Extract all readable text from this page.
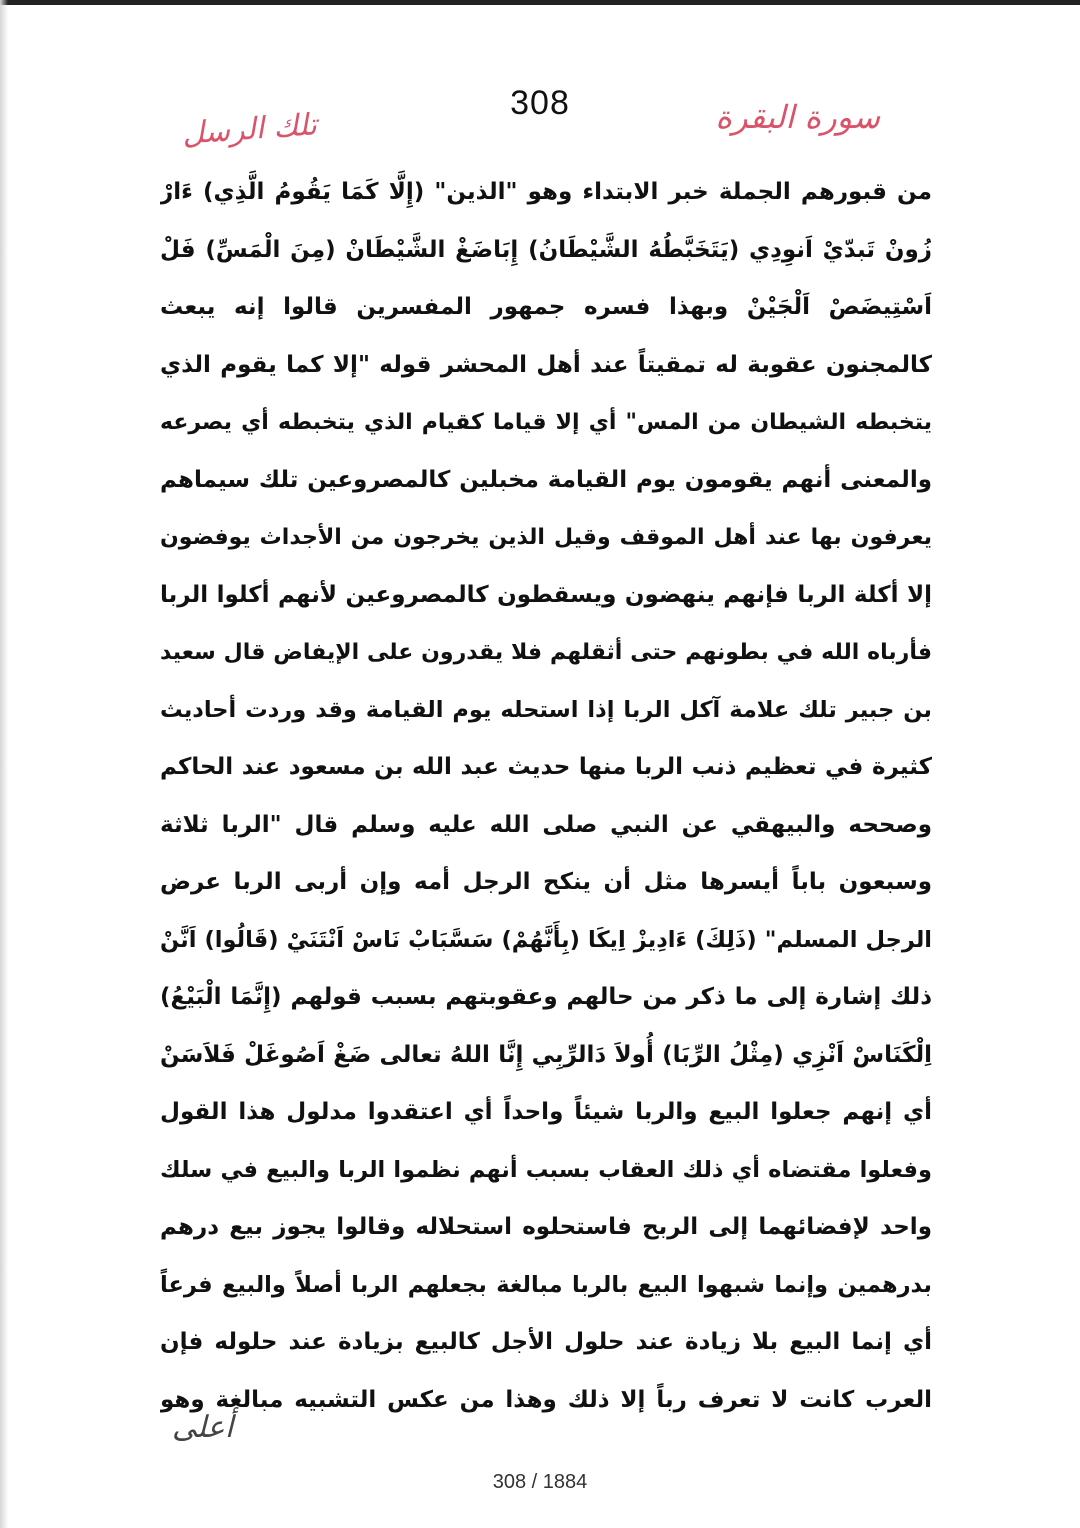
308	سورة البقرة
تلك الرسل
من قبورهم الجملة خبر الابتداء وهو "الذين" (إِلَّا كَمَا يَقُومُ الَّذِي) ءَارْ
زُونْ تَبدّيْ اَنوِدِي (يَتَخَبَّطُهُ الشَّيْطَانُ) إِبَاضَغْ الشَّيْطَانْ (مِنَ الْمَسِّ) فَلْ
اَسْتِيضَصْ اَلْجَيْنْ وبهذا فسره جمهور المفسرين قالوا إنه يبعث
كالمجنون عقوبة له تمقيتاً عند أهل المحشر قوله "إلا كما يقوم الذي
يتخبطه الشيطان من المس" أي إلا قياما كقيام الذي يتخبطه أي يصرعه
والمعنى أنهم يقومون يوم القيامة مخبلين كالمصروعين تلك سيماهم
يعرفون بها عند أهل الموقف وقيل الذين يخرجون من الأجداث يوفضون
إلا أكلة الربا فإنهم ينهضون ويسقطون كالمصروعين لأنهم أكلوا الربا
فأرباه الله في بطونهم حتى أثقلهم فلا يقدرون على الإيفاض قال سعيد
بن جبير تلك علامة آكل الربا إذا استحله يوم القيامة وقد وردت أحاديث
كثيرة في تعظيم ذنب الربا منها حديث عبد الله بن مسعود عند الحاكم
وصححه والبيهقي عن النبي صلى الله عليه وسلم قال "الربا ثلاثة
وسبعون باباً أيسرها مثل أن ينكح الرجل أمه وإن أربى الربا عرض
الرجل المسلم" (ذَلِكَ) ءَادِيزْ اِيكَا (بِأَنَّهُمْ) سَسَّبَابْ نَاسْ اَنْتَنَيْ (قَالُوا) اَنَّنْ
ذلك إشارة إلى ما ذكر من حالهم وعقوبتهم بسبب قولهم (إِنَّمَا الْبَيْعُ)
اِلْكَنَاسْ اَنْزِي (مِثْلُ الرِّبَا) أُولاَ دَالرِّبِي إِنَّا اللهُ تعالى ضَغْ اَصُوغَلْ فَلاَسَنْ
أي إنهم جعلوا البيع والربا شيئاً واحداً أي اعتقدوا مدلول هذا القول
وفعلوا مقتضاه أي ذلك العقاب بسبب أنهم نظموا الربا والبيع في سلك
واحد لإفضائهما إلى الربح فاستحلوه استحلاله وقالوا يجوز بيع درهم
بدرهمين وإنما شبهوا البيع بالربا مبالغة بجعلهم الربا أصلاً والبيع فرعاً
أي إنما البيع بلا زيادة عند حلول الأجل كالبيع بزيادة عند حلوله فإن
العرب كانت لا تعرف رباً إلا ذلك وهذا من عكس التشبيه مبالغة وهو
أعلى
308 / 1884
